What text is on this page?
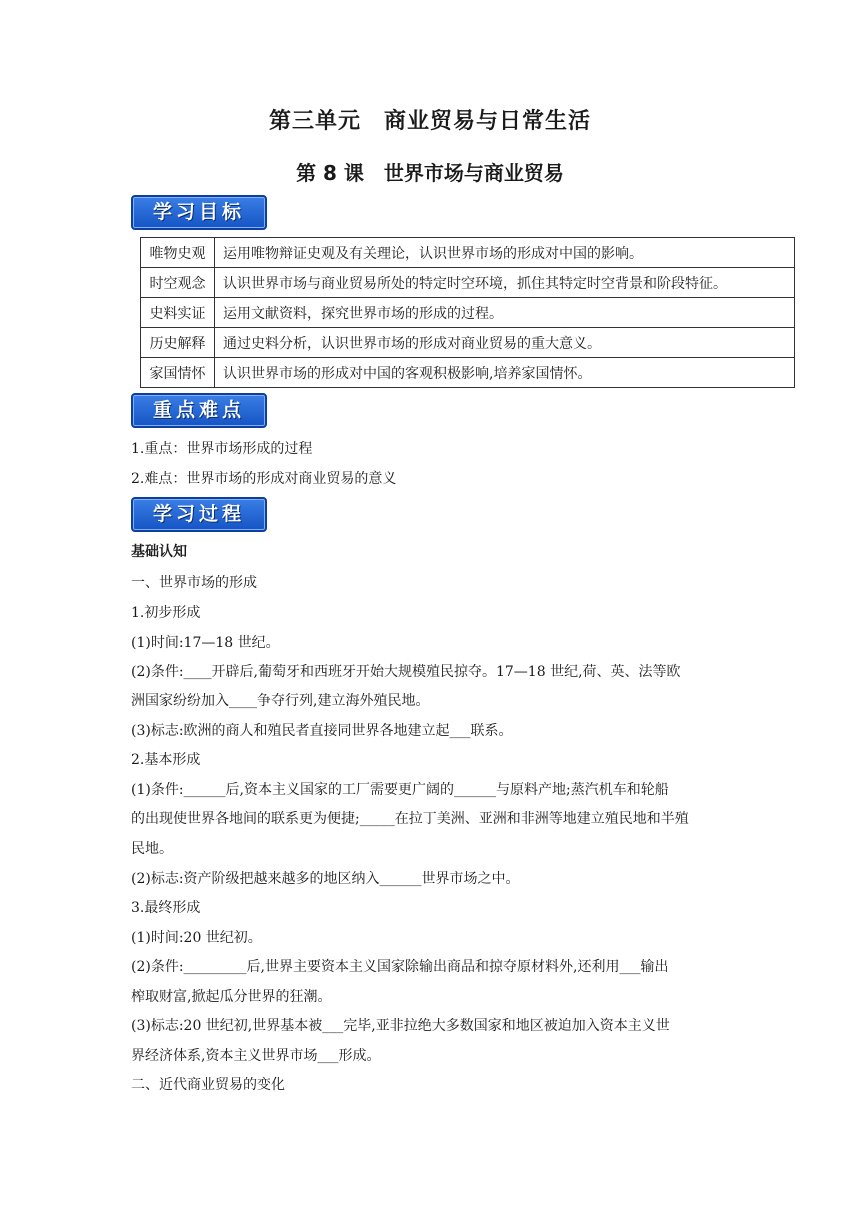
第三单元　商业贸易与日常生活
第 8 课　世界市场与商业贸易
学习目标
唯物史观	运用唯物辩证史观及有关理论，认识世界市场的形成对中国的影响。
时空观念	认识世界市场与商业贸易所处的特定时空环境，抓住其特定时空背景和阶段特征。
史料实证	运用文献资料，探究世界市场的形成的过程。
历史解释	通过史料分析，认识世界市场的形成对商业贸易的重大意义。
家国情怀	认识世界市场的形成对中国的客观积极影响,培养家国情怀。
重点难点
1.重点：世界市场形成的过程
2.难点：世界市场的形成对商业贸易的意义
学习过程
基础认知
一、世界市场的形成
1.初步形成
(1)时间:17—18 世纪。
(2)条件:____开辟后,葡萄牙和西班牙开始大规模殖民掠夺。17—18 世纪,荷、英、法等欧
洲国家纷纷加入____争夺行列,建立海外殖民地。
(3)标志:欧洲的商人和殖民者直接同世界各地建立起___联系。
2.基本形成
(1)条件:______后,资本主义国家的工厂需要更广阔的______与原料产地;蒸汽机车和轮船
的出现使世界各地间的联系更为便捷;_____在拉丁美洲、亚洲和非洲等地建立殖民地和半殖
民地。
(2)标志:资产阶级把越来越多的地区纳入______世界市场之中。
3.最终形成
(1)时间:20 世纪初。
(2)条件:_________后,世界主要资本主义国家除输出商品和掠夺原材料外,还利用___输出
榨取财富,掀起瓜分世界的狂潮。
(3)标志:20 世纪初,世界基本被___完毕,亚非拉绝大多数国家和地区被迫加入资本主义世
界经济体系,资本主义世界市场___形成。
二、近代商业贸易的变化
